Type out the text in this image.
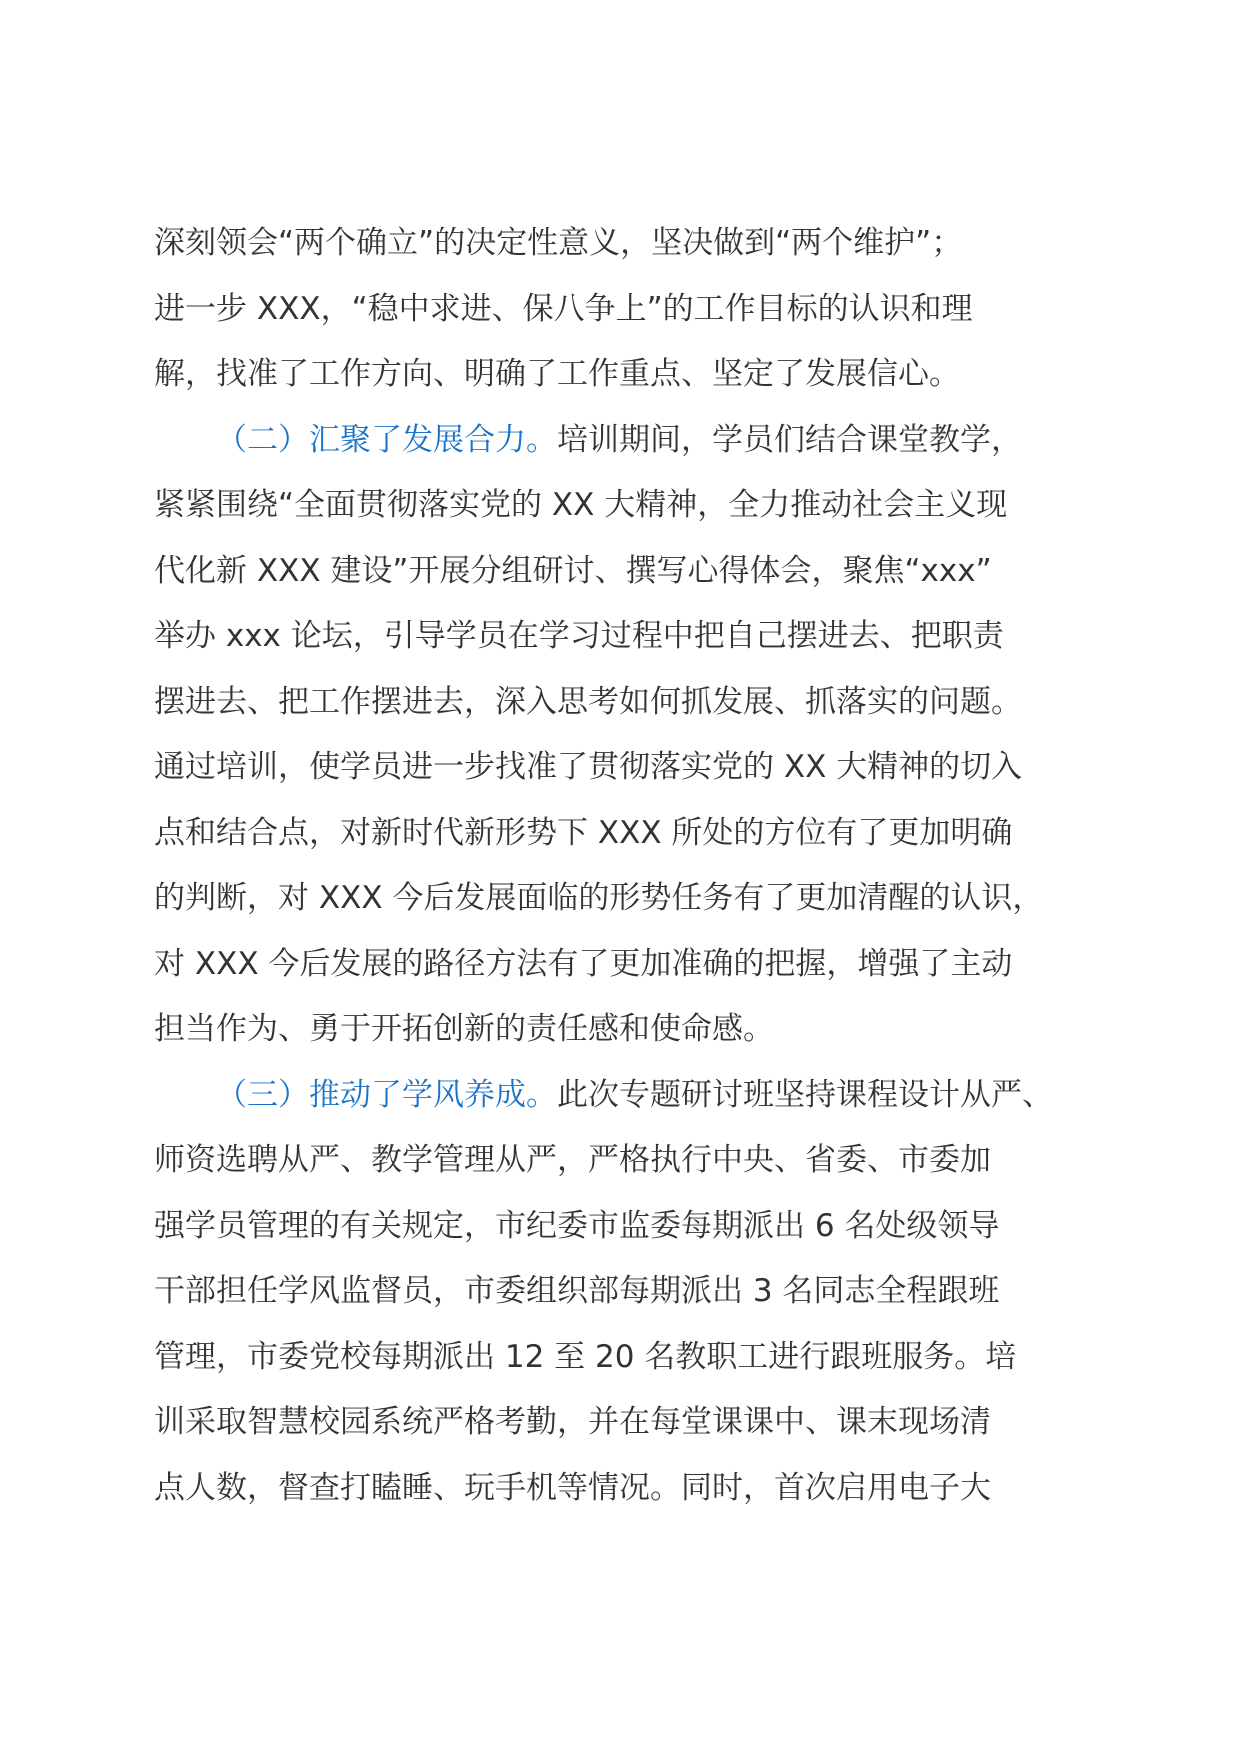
深刻领会“两个确立”的决定性意义，坚决做到“两个维护”；
进一步 XXX，“稳中求进、保八争上”的工作目标的认识和理
解，找准了工作方向、明确了工作重点、坚定了发展信心。
（二）汇聚了发展合力。培训期间，学员们结合课堂教学，
紧紧围绕“全面贯彻落实党的 XX 大精神，全力推动社会主义现
代化新 XXX 建设”开展分组研讨、撰写心得体会，聚焦“xxx”
举办 xxx 论坛，引导学员在学习过程中把自己摆进去、把职责
摆进去、把工作摆进去，深入思考如何抓发展、抓落实的问题。
通过培训，使学员进一步找准了贯彻落实党的 XX 大精神的切入
点和结合点，对新时代新形势下 XXX 所处的方位有了更加明确
的判断，对 XXX 今后发展面临的形势任务有了更加清醒的认识，
对 XXX 今后发展的路径方法有了更加准确的把握，增强了主动
担当作为、勇于开拓创新的责任感和使命感。
（三）推动了学风养成。此次专题研讨班坚持课程设计从严、
师资选聘从严、教学管理从严，严格执行中央、省委、市委加
强学员管理的有关规定，市纪委市监委每期派出 6 名处级领导
干部担任学风监督员，市委组织部每期派出 3 名同志全程跟班
管理，市委党校每期派出 12 至 20 名教职工进行跟班服务。培
训采取智慧校园系统严格考勤，并在每堂课课中、课末现场清
点人数，督查打瞌睡、玩手机等情况。同时，首次启用电子大
